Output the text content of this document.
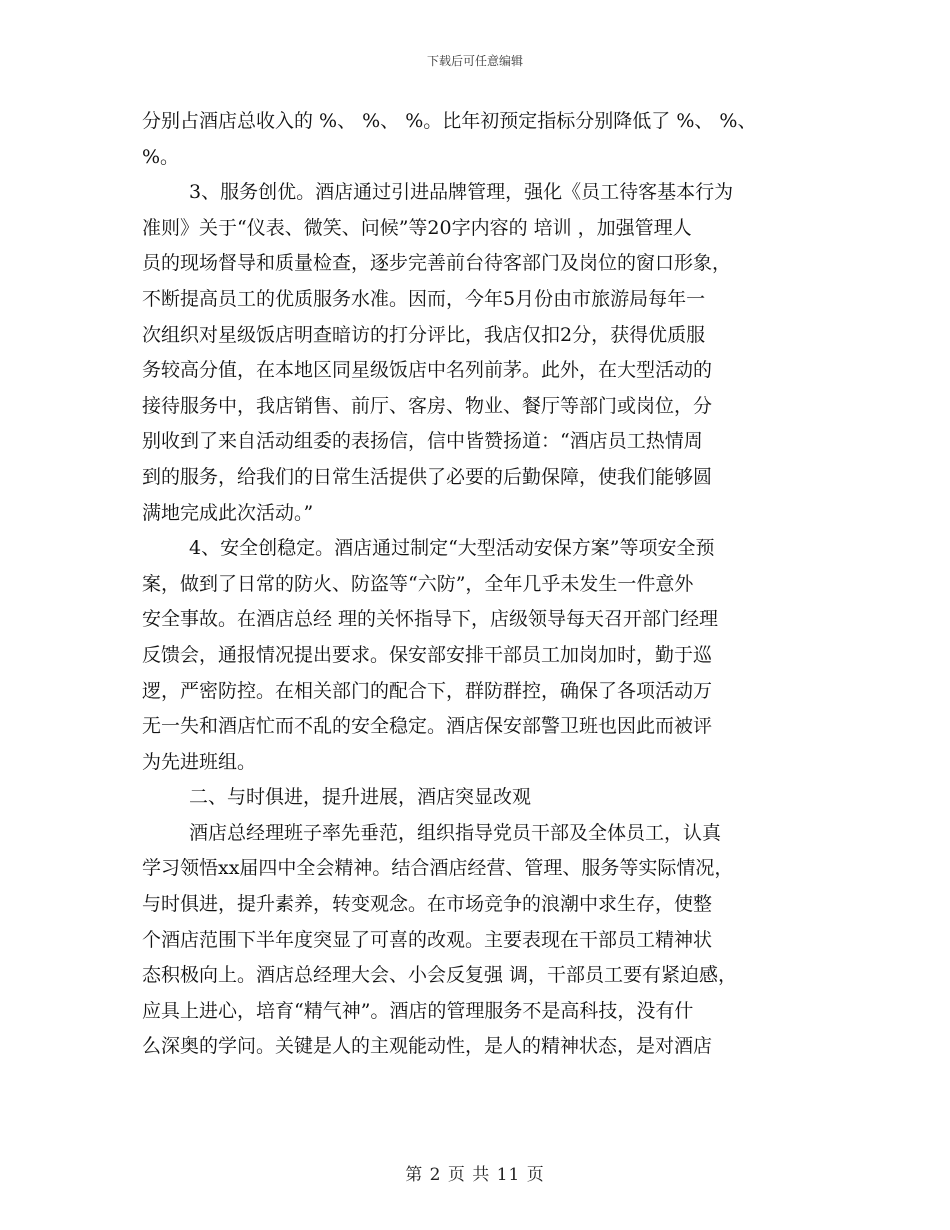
下载后可任意编辑
分别占酒店总收入的 %、 %、 %。比年初预定指标分别降低了 %、 %、
%。
3、服务创优。酒店通过引进品牌管理，强化《员工待客基本行为
准则》关于“仪表、微笑、问候”等20字内容的 培训 ，加强管理人
员的现场督导和质量检查，逐步完善前台待客部门及岗位的窗口形象，
不断提高员工的优质服务水准。因而，今年5月份由市旅游局每年一
次组织对星级饭店明查暗访的打分评比，我店仅扣2分，获得优质服
务较高分值，在本地区同星级饭店中名列前茅。此外，在大型活动的
接待服务中，我店销售、前厅、客房、物业、餐厅等部门或岗位，分
别收到了来自活动组委的表扬信，信中皆赞扬道：“酒店员工热情周
到的服务，给我们的日常生活提供了必要的后勤保障，使我们能够圆
满地完成此次活动。”
4、安全创稳定。酒店通过制定“大型活动安保方案”等项安全预
案，做到了日常的防火、防盗等“六防”，全年几乎未发生一件意外
安全事故。在酒店总经 理的关怀指导下，店级领导每天召开部门经理
反馈会，通报情况提出要求。保安部安排干部员工加岗加时，勤于巡
逻，严密防控。在相关部门的配合下，群防群控，确保了各项活动万
无一失和酒店忙而不乱的安全稳定。酒店保安部警卫班也因此而被评
为先进班组。
二、与时俱进，提升进展，酒店突显改观
酒店总经理班子率先垂范，组织指导党员干部及全体员工，认真
学习领悟xx届四中全会精神。结合酒店经营、管理、服务等实际情况，
与时俱进，提升素养，转变观念。在市场竞争的浪潮中求生存，使整
个酒店范围下半年度突显了可喜的改观。主要表现在干部员工精神状
态积极向上。酒店总经理大会、小会反复强 调，干部员工要有紧迫感，
应具上进心，培育“精气神”。酒店的管理服务不是高科技，没有什
么深奥的学问。关键是人的主观能动性，是人的精神状态，是对酒店
第 2 页 共 11 页
